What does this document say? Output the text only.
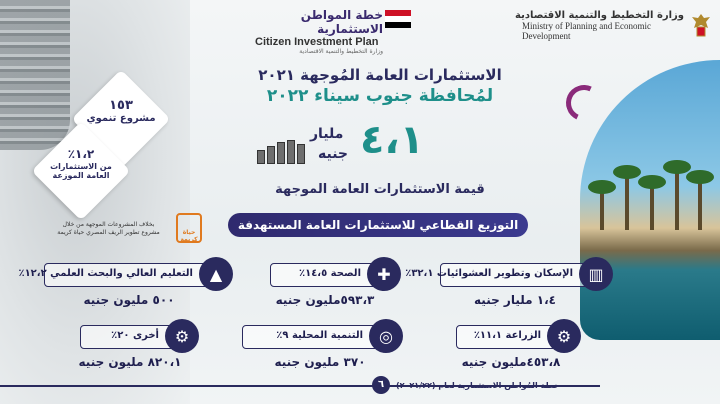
وزارة التخطيط والتنمية الاقتصادية
Ministry of Planning and Economic
Development
خطة المواطن الاستثمارية
Citizen Investment Plan
وزارة التخطيط والتنمية الاقتصادية
الاستثمارات العامة المُوجهة ٢٠٢١
لمُحافظة جنوب سيناء ٢٠٢٢
٤،١
مليار
جنيه
قيمة الاستثمارات العامة الموجهة
التوزيع القطاعي للاستثمارات العامة المستهدفة
١٥٣
مشروع تنموي
١،٢٪
من الاستثمارات
العامة الموزعة
بخلاف المشروعات الموجهة من خلال
مشروع تطوير الريف المصري حياة كريمة	حياة كريمة
الإسكان وتطوير العشوائيات ٣٢،١٪ ▥
١،٤ مليار جنيه
الصحة ١٤،٥٪	✚
٥٩٣،٣مليون جنيه
التعليم العالي والبحث العلمي ١٢،٢٪	▲
٥٠٠ مليون جنيه
الزراعة ١١،١٪ ⚙
٤٥٣،٨مليون جنيه
التنمية المحلية ٩٪	◎
٣٧٠ مليون جنيه
أخرى ٢٠٪ ⚙
٨٢٠،١ مليون جنيه
٦	خطة المُواطن الاستثمارية لعام (٢٠٢١/٢٢)
